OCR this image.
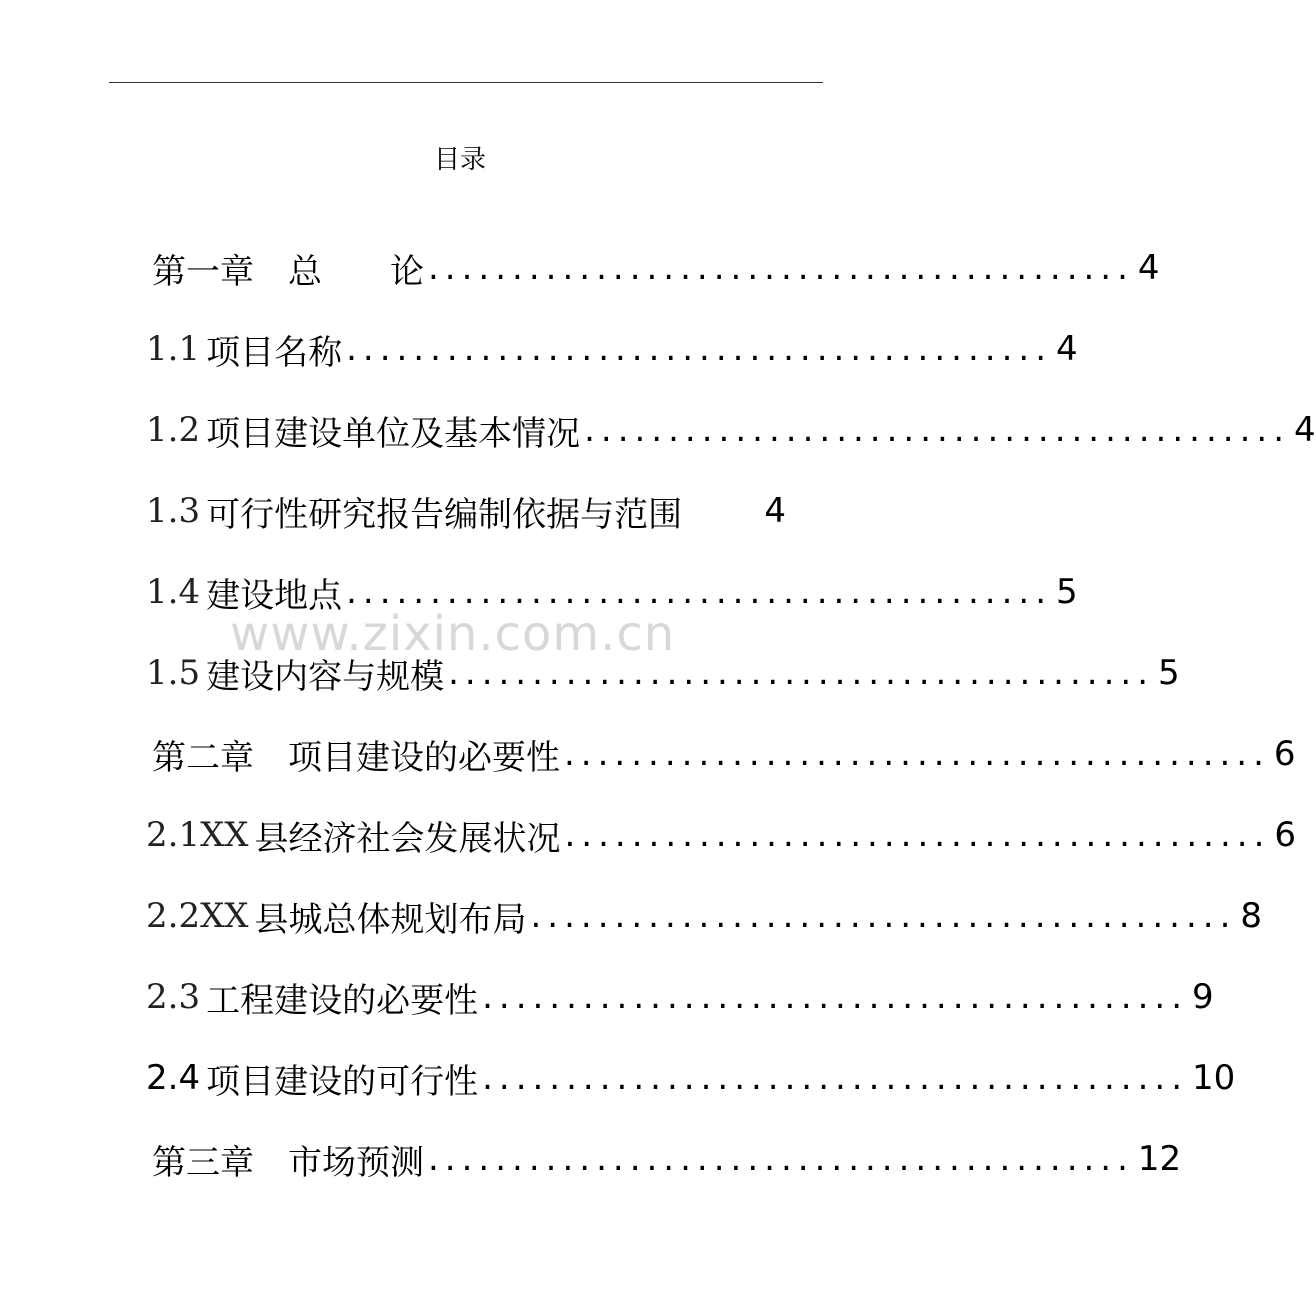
目录
第一章　总　　论 .......................................... 4
1.1 项目名称 .......................................... 4
1.2 项目建设单位及基本情况 .......................................... 4
1.3 可行性研究报告编制依据与范围 4
1.4 建设地点 .......................................... 5
1.5 建设内容与规模 .......................................... 5
第二章　项目建设的必要性 .......................................... 6
2.1XX 县经济社会发展状况 .......................................... 6
2.2XX 县城总体规划布局 .......................................... 8
2.3 工程建设的必要性 .......................................... 9
2.4 项目建设的可行性 .......................................... 10
第三章　市场预测 .......................................... 12
www.zixin.com.cn
